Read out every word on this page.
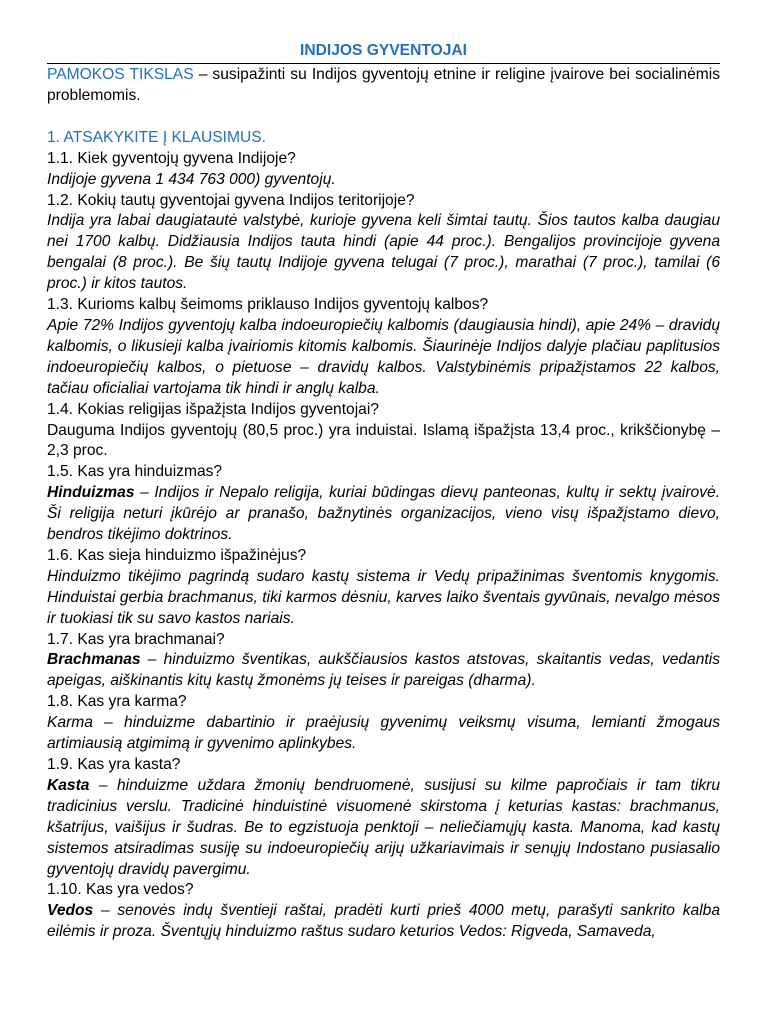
INDIJOS GYVENTOJAI

PAMOKOS TIKSLAS – susipažinti su Indijos gyventojų etnine ir religine įvairove bei socialinėmis problemomis.

1. ATSAKYKITE Į KLAUSIMUS.

1.1. Kiek gyventojų gyvena Indijoje?

Indijoje gyvena 1 434 763 000) gyventojų.

1.2. Kokių tautų gyventojai gyvena Indijos teritorijoje?

Indija yra labai daugiatautė valstybė, kurioje gyvena keli šimtai tautų. Šios tautos kalba daugiau nei 1700 kalbų. Didžiausia Indijos tauta hindi (apie 44 proc.). Bengalijos provincijoje gyvena bengalai (8 proc.). Be šių tautų Indijoje gyvena telugai (7 proc.), marathai (7 proc.), tamilai (6 proc.) ir kitos tautos.

1.3. Kurioms kalbų šeimoms priklauso Indijos gyventojų kalbos?

Apie 72% Indijos gyventojų kalba indoeuropiečių kalbomis (daugiausia hindi), apie 24% – dravidų kalbomis, o likusieji kalba įvairiomis kitomis kalbomis. Šiaurinėje Indijos dalyje plačiau paplitusios indoeuropiečių kalbos, o pietuose – dravidų kalbos. Valstybinėmis pripažįstamos 22 kalbos, tačiau oficialiai vartojama tik hindi ir anglų kalba.

1.4. Kokias religijas išpažįsta Indijos gyventojai?

Dauguma Indijos gyventojų (80,5 proc.) yra induistai. Islamą išpažįsta 13,4 proc., krikščionybę – 2,3 proc.

1.5. Kas yra hinduizmas?

Hinduizmas – Indijos ir Nepalo religija, kuriai būdingas dievų panteonas, kultų ir sektų įvairovė. Ši religija neturi įkūrėjo ar pranašo, bažnytinės organizacijos, vieno visų išpažįstamo dievo, bendros tikėjimo doktrinos.

1.6. Kas sieja hinduizmo išpažinėjus?

Hinduizmo tikėjimo pagrindą sudaro kastų sistema ir Vedų pripažinimas šventomis knygomis. Hinduistai gerbia brachmanus, tiki karmos dėsniu, karves laiko šventais gyvūnais, nevalgo mėsos ir tuokiasi tik su savo kastos nariais.

1.7. Kas yra brachmanai?

Brachmanas – hinduizmo šventikas, aukščiausios kastos atstovas, skaitantis vedas, vedantis apeigas, aiškinantis kitų kastų žmonėms jų teises ir pareigas (dharma).

1.8. Kas yra karma?

Karma – hinduizme dabartinio ir praėjusių gyvenimų veiksmų visuma, lemianti žmogaus artimiausią atgimimą ir gyvenimo aplinkybes.

1.9. Kas yra kasta?

Kasta – hinduizme uždara žmonių bendruomenė, susijusi su kilme papročiais ir tam tikru tradicinius verslu. Tradicinė hinduistinė visuomenė skirstoma į keturias kastas: brachmanus, kšatrijus, vaišijus ir šudras. Be to egzistuoja penktoji – neliečiamųjų kasta. Manoma, kad kastų sistemos atsiradimas susiję su indoeuropiečių arijų užkariavimais ir senųjų Indostano pusiasalio gyventojų dravidų pavergimu.

1.10. Kas yra vedos?

Vedos – senovės indų šventieji raštai, pradėti kurti prieš 4000 metų, parašyti sankrito kalba eilėmis ir proza. Šventųjų hinduizmo raštus sudaro keturios Vedos: Rigveda, Samaveda,
